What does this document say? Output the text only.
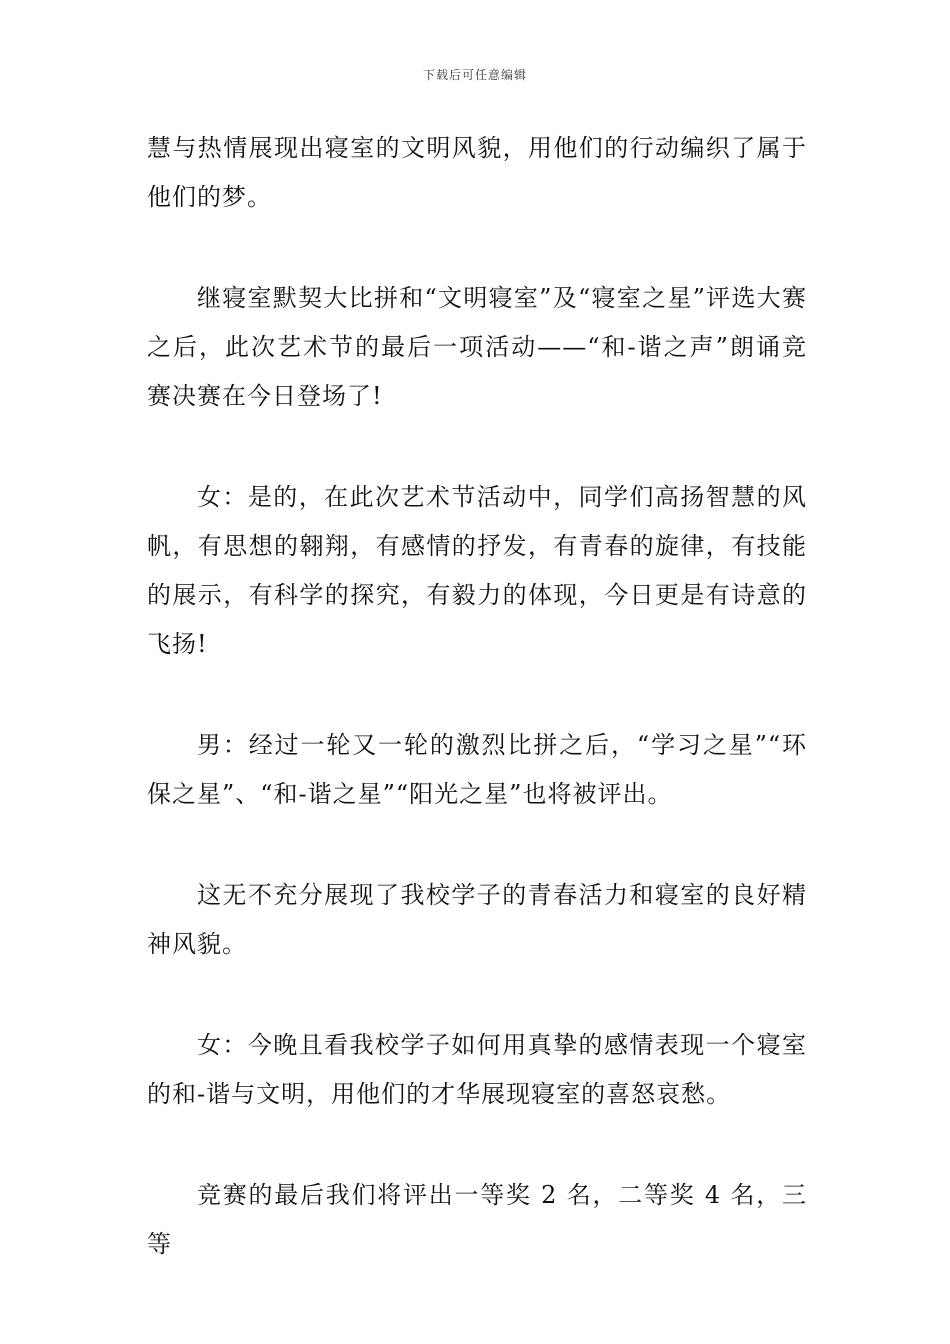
下载后可任意编辑

慧与热情展现出寝室的文明风貌，用他们的行动编织了属于他们的梦。

继寝室默契大比拼和“文明寝室”及“寝室之星”评选大赛之后，此次艺术节的最后一项活动——“和-谐之声”朗诵竞赛决赛在今日登场了!

女：是的，在此次艺术节活动中，同学们高扬智慧的风帆，有思想的翱翔，有感情的抒发，有青春的旋律，有技能的展示，有科学的探究，有毅力的体现，今日更是有诗意的飞扬!

男：经过一轮又一轮的激烈比拼之后，“学习之星”“环保之星”、“和-谐之星”“阳光之星”也将被评出。

这无不充分展现了我校学子的青春活力和寝室的良好精神风貌。

女：今晚且看我校学子如何用真挚的感情表现一个寝室的和-谐与文明，用他们的才华展现寝室的喜怒哀愁。

竞赛的最后我们将评出一等奖 2 名，二等奖 4 名，三等
